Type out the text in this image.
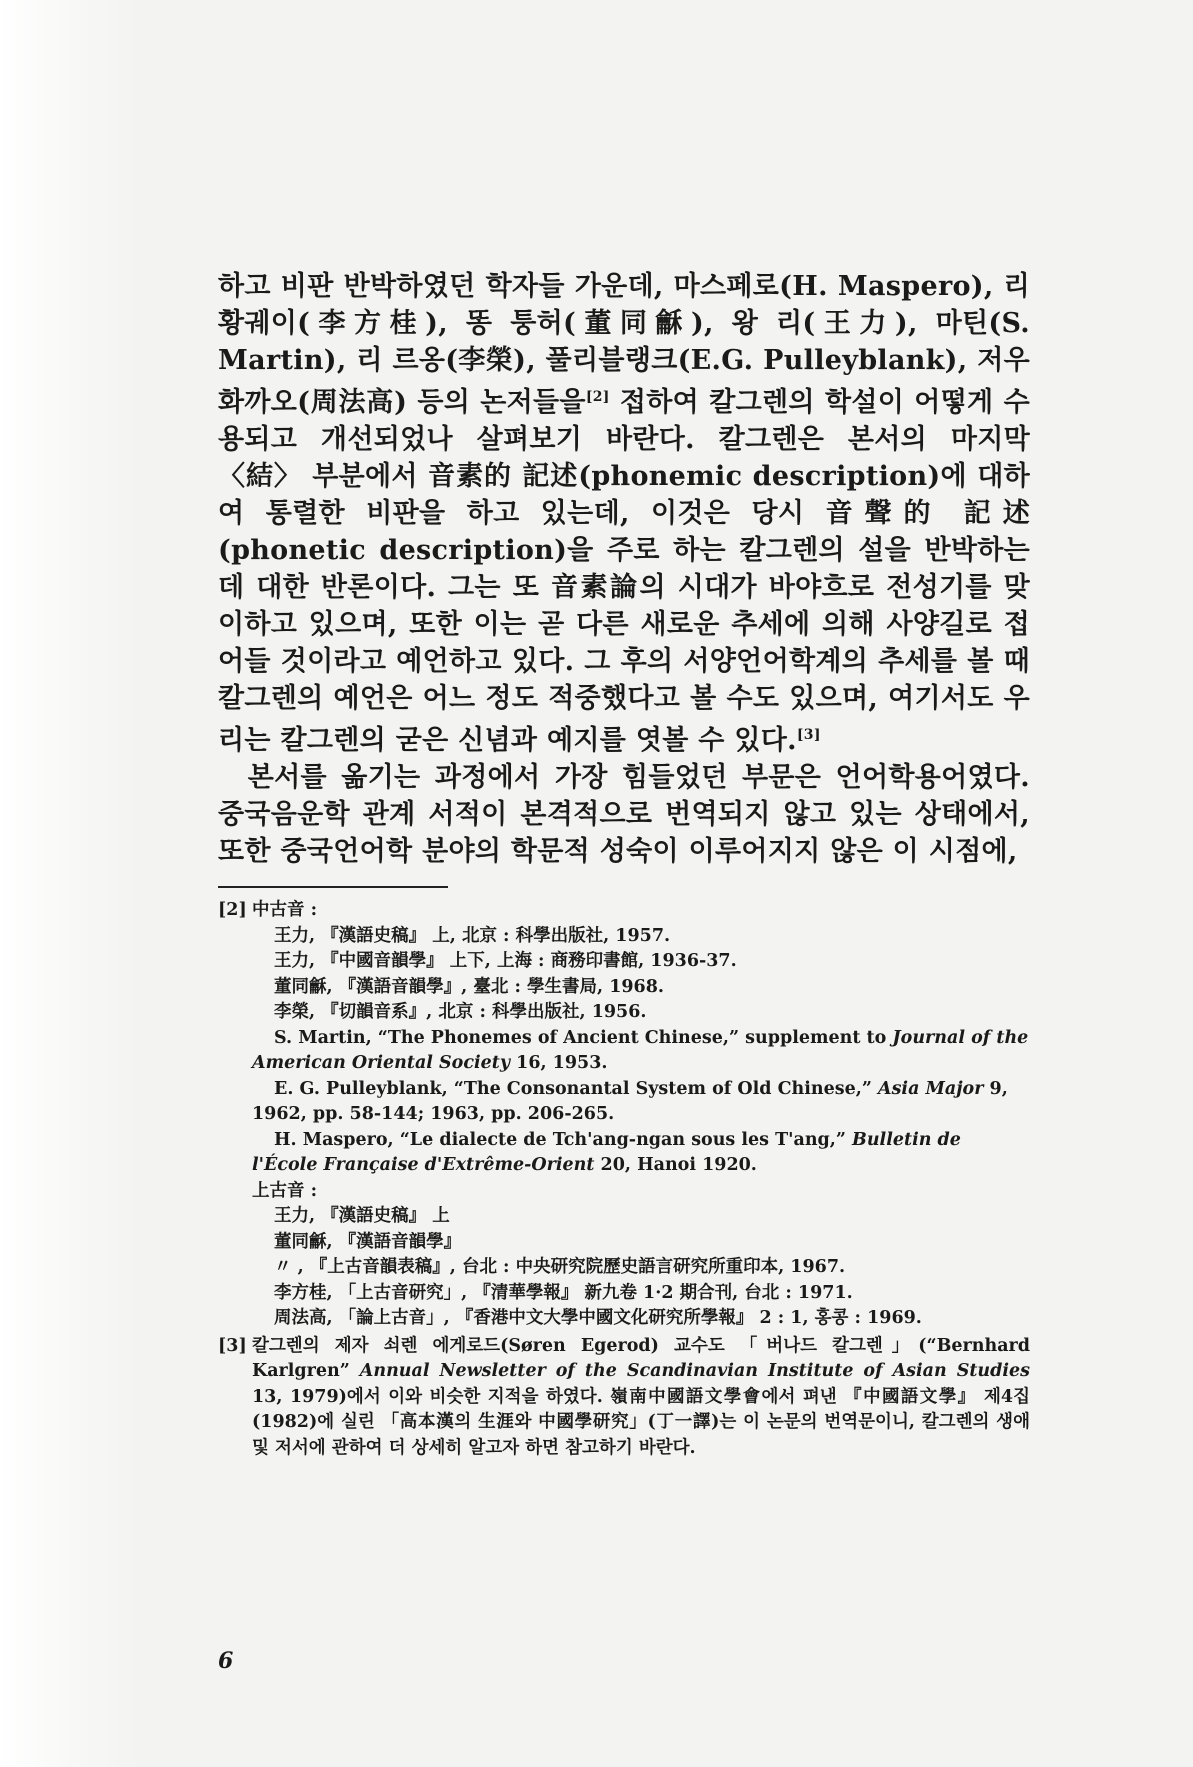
하고 비판 반박하였던 학자들 가운데, 마스페로(H. Maspero), 리 황궤이(李方桂), 똥 퉁허(董同龢), 왕 리(王力), 마틴(S. Martin), 리 르옹(李榮), 풀리블랭크(E.G. Pulleyblank), 저우 화까오(周法高) 등의 논저들을[2] 접하여 칼그렌의 학설이 어떻게 수용되고 개선되었나 살펴보기 바란다. 칼그렌은 본서의 마지막 〈結〉 부분에서 音素的 記述(phonemic description)에 대하여 통렬한 비판을 하고 있는데, 이것은 당시 音聲的 記述(phonetic description)을 주로 하는 칼그렌의 설을 반박하는 데 대한 반론이다. 그는 또 音素論의 시대가 바야흐로 전성기를 맞이하고 있으며, 또한 이는 곧 다른 새로운 추세에 의해 사양길로 접어들 것이라고 예언하고 있다. 그 후의 서양언어학계의 추세를 볼 때 칼그렌의 예언은 어느 정도 적중했다고 볼 수도 있으며, 여기서도 우리는 칼그렌의 굳은 신념과 예지를 엿볼 수 있다.[3]

본서를 옮기는 과정에서 가장 힘들었던 부문은 언어학용어였다. 중국음운학 관계 서적이 본격적으로 번역되지 않고 있는 상태에서, 또한 중국언어학 분야의 학문적 성숙이 이루어지지 않은 이 시점에,

[2] 中古音 :
王力, 『漢語史稿』 上, 北京 : 科學出版社, 1957.
王力, 『中國音韻學』 上下, 上海 : 商務印書館, 1936-37.
董同龢, 『漢語音韻學』, 臺北 : 學生書局, 1968.
李榮, 『切韻音系』, 北京 : 科學出版社, 1956.
S. Martin, “The Phonemes of Ancient Chinese,” supplement to Journal of the American Oriental Society 16, 1953.
E. G. Pulleyblank, “The Consonantal System of Old Chinese,” Asia Major 9, 1962, pp. 58-144; 1963, pp. 206-265.
H. Maspero, “Le dialecte de Tch'ang-ngan sous les T'ang,” Bulletin de l'École Française d'Extrême-Orient 20, Hanoi 1920.
上古音 :
王力, 『漢語史稿』 上
董同龢, 『漢語音韻學』
〃 , 『上古音韻表稿』, 台北 : 中央研究院歷史語言研究所重印本, 1967.
李方桂, 「上古音研究」, 『清華學報』 新九卷 1·2 期合刊, 台北 : 1971.
周法高, 「論上古音」, 『香港中文大學中國文化研究所學報』 2 : 1, 홍콩 : 1969.
[3] 칼그렌의 제자 쇠렌 에게로드(Søren Egerod) 교수도 「버나드 칼그렌」(“Bernhard Karlgren” Annual Newsletter of the Scandinavian Institute of Asian Studies 13, 1979)에서 이와 비슷한 지적을 하였다. 嶺南中國語文學會에서 펴낸 『中國語文學』 제4집(1982)에 실린 「高本漢의 生涯와 中國學研究」(丁一譯)는 이 논문의 번역문이니, 칼그렌의 생애 및 저서에 관하여 더 상세히 알고자 하면 참고하기 바란다.
6
